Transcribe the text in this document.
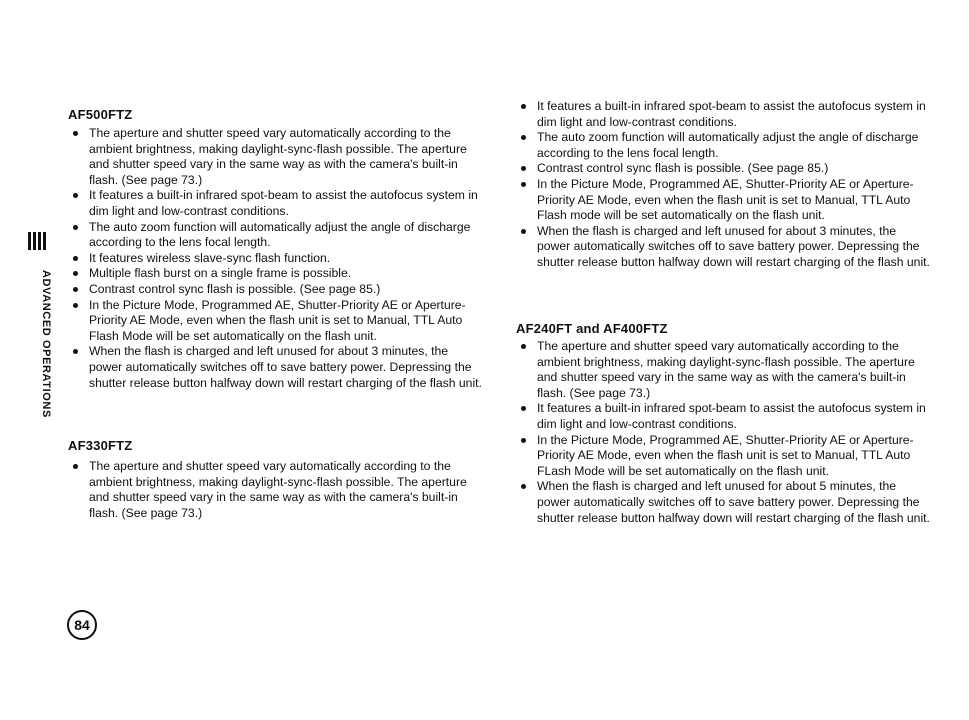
ADVANCED OPERATIONS
AF500FTZ
The aperture and shutter speed vary automatically according to the ambient brightness, making daylight-sync-flash possible. The aperture and shutter speed vary in the same way as with the camera's built-in flash. (See page 73.)
It features a built-in infrared spot-beam to assist the autofocus system in dim light and low-contrast conditions.
The auto zoom function will automatically adjust the angle of discharge according to the lens focal length.
It features wireless slave-sync flash function.
Multiple flash burst on a single frame is possible.
Contrast control sync flash is possible. (See page 85.)
In the Picture Mode, Programmed AE, Shutter-Priority AE or Aperture-Priority AE Mode, even when the flash unit is set to Manual, TTL Auto Flash Mode will be set automatically on the flash unit.
When the flash is charged and left unused for about 3 minutes, the power automatically switches off to save battery power. Depressing the shutter release button halfway down will restart charging of the flash unit.
AF330FTZ
The aperture and shutter speed vary automatically according to the ambient brightness, making daylight-sync-flash possible. The aperture and shutter speed vary in the same way as with the camera's built-in flash. (See page 73.)
It features a built-in infrared spot-beam to assist the autofocus system in dim light and low-contrast conditions.
The auto zoom function will automatically adjust the angle of discharge according to the lens focal length.
Contrast control sync flash is possible. (See page 85.)
In the Picture Mode, Programmed AE, Shutter-Priority AE or Aperture-Priority AE Mode, even when the flash unit is set to Manual, TTL Auto Flash mode will be set automatically on the flash unit.
When the flash is charged and left unused for about 3 minutes, the power automatically switches off to save battery power. Depressing the shutter release button halfway down will restart charging of the flash unit.
AF240FT and AF400FTZ
The aperture and shutter speed vary automatically according to the ambient brightness, making daylight-sync-flash possible. The aperture and shutter speed vary in the same way as with the camera's built-in flash. (See page 73.)
It features a built-in infrared spot-beam to assist the autofocus system in dim light and low-contrast conditions.
In the Picture Mode, Programmed AE, Shutter-Priority AE or Aperture-Priority AE Mode, even when the flash unit is set to Manual, TTL Auto FLash Mode will be set automatically on the flash unit.
When the flash is charged and left unused for about 5 minutes, the power automatically switches off to save battery power. Depressing the shutter release button halfway down will restart charging of the flash unit.
84
